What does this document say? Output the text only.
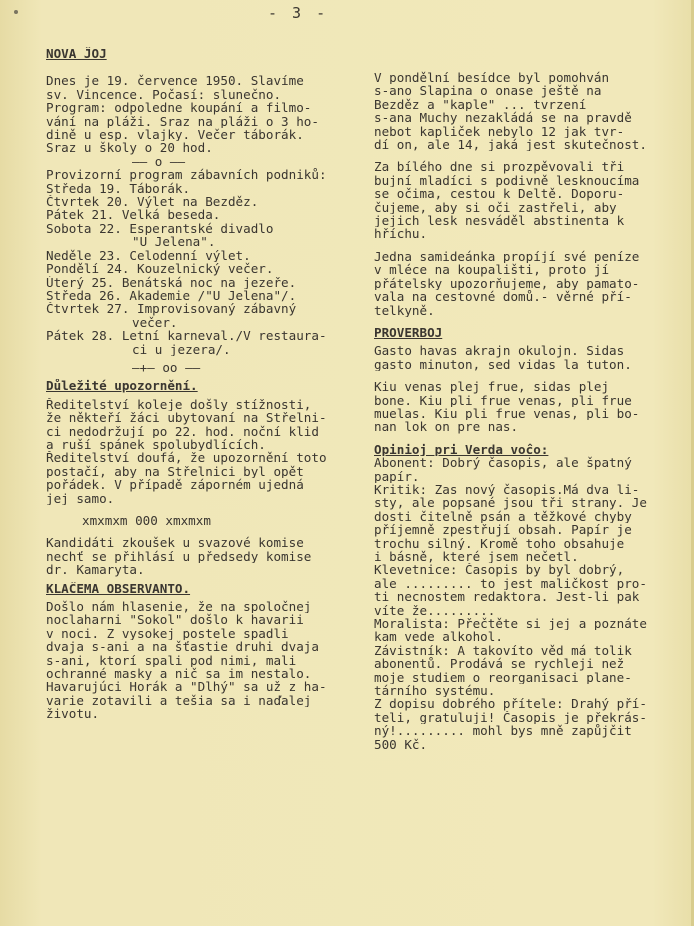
- 3 -
NOVA ĴOJ
Dnes je 19. července 1950. Slavíme
sv. Vincence. Počasí: slunečno.
Program: odpoledne koupání a filmo-
vání na pláži. Sraz na pláži o 3 ho-
dině u esp. vlajky. Večer táborák.
Sraz u školy o 20 hod.
—— o ——
Provizorní program zábavních podniků:
Středa 19. Táborák.
Čtvrtek 20. Výlet na Bezděz.
Pátek 21. Velká beseda.
Sobota 22. Esperantské divadlo
"U Jelena".
Neděle 23. Celodenní výlet.
Pondělí 24. Kouzelnický večer.
Úterý 25. Benátská noc na jezeře.
Středa 26. Akademie /"U Jelena"/.
Čtvrtek 27. Improvisovaný zábavný
večer.
Pátek 28. Letní karneval./V restaura-
ci u jezera/.
—+— oo ——
Důležité upozornění.
Ředitelství koleje došly stížnosti,
že někteří žáci ubytovaní na Střelni-
ci nedodržují po 22. hod. noční klid
a ruší spánek spolubydlících.
Ředitelství doufá, že upozornění toto
postačí, aby na Střelnici byl opět
pořádek. V případě záporném ujedná
jej samo.
xmxmxm 000 xmxmxm
Kandidáti zkoušek u svazové komise
nechť se přihlásí u předsedy komise
dr. Kamaryta.
KLAĈEMA OBSERVANTO.
Došlo nám hlasenie, že na spoločnej
noclaharni "Sokol" došlo k havarii
v noci. Z vysokej postele spadli
dvaja s-ani a na šťastie druhi dvaja
s-ani, ktorí spali pod nimi, mali
ochranné masky a nič sa im nestalo.
Havarujúci Horák a "Dlhý" sa už z ha-
varie zotavili a tešia sa i naďalej
životu.
V pondělní besídce byl pomohván
s-ano Slapina o onase ještě na
Bezděz a "kaple" ... tvrzení
s-ana Muchy nezakládá se na pravdě
nebot kapliček nebylo 12 jak tvr-
dí on, ale 14, jaká jest skutečnost.
Za bílého dne si prozpěvovali tři
bujní mladíci s podivně lesknoucíma
se očima, cestou k Deltě. Doporu-
čujeme, aby si oči zastřeli, aby
jejich lesk nesváděl abstinenta k
hříchu.
Jedna samideánka propíjí své peníze
v mléce na koupališti, proto jí
přátelsky upozorňujeme, aby pamato-
vala na cestovné domů.- věrné pří-
telkyně.
PROVERBOJ
Gasto havas akrajn okulojn. Sidas
gasto minuton, sed vidas la tuton.
Kiu venas plej frue, sidas plej
bone. Kiu pli frue venas, pli frue
muelas. Kiu pli frue venas, pli bo-
nan lok on pre nas.
Opinioj pri Verda voĉo:
Abonent: Dobrý časopis, ale špatný
papír.
Kritik: Zas nový časopis.Má dva li-
sty, ale popsané jsou tři strany. Je
dosti čitelně psán a těžkové chyby
příjemně zpestřují obsah. Papír je
trochu silný. Kromě toho obsahuje
i básně, které jsem nečetl.
Klevetnice: Časopis by byl dobrý,
ale ......... to jest maličkost pro-
ti necnostem redaktora. Jest-li pak
víte že.........
Moralista: Přečtěte si jej a poznáte
kam vede alkohol.
Závistník: A takovíto věd má tolik
abonentů. Prodává se rychleji než
moje studiem o reorganisaci plane-
tárního systému.
Z dopisu dobrého přítele: Drahý pří-
teli, gratuluji! Časopis je překrás-
ný!......... mohl bys mně zapůjčit
500 Kč.
